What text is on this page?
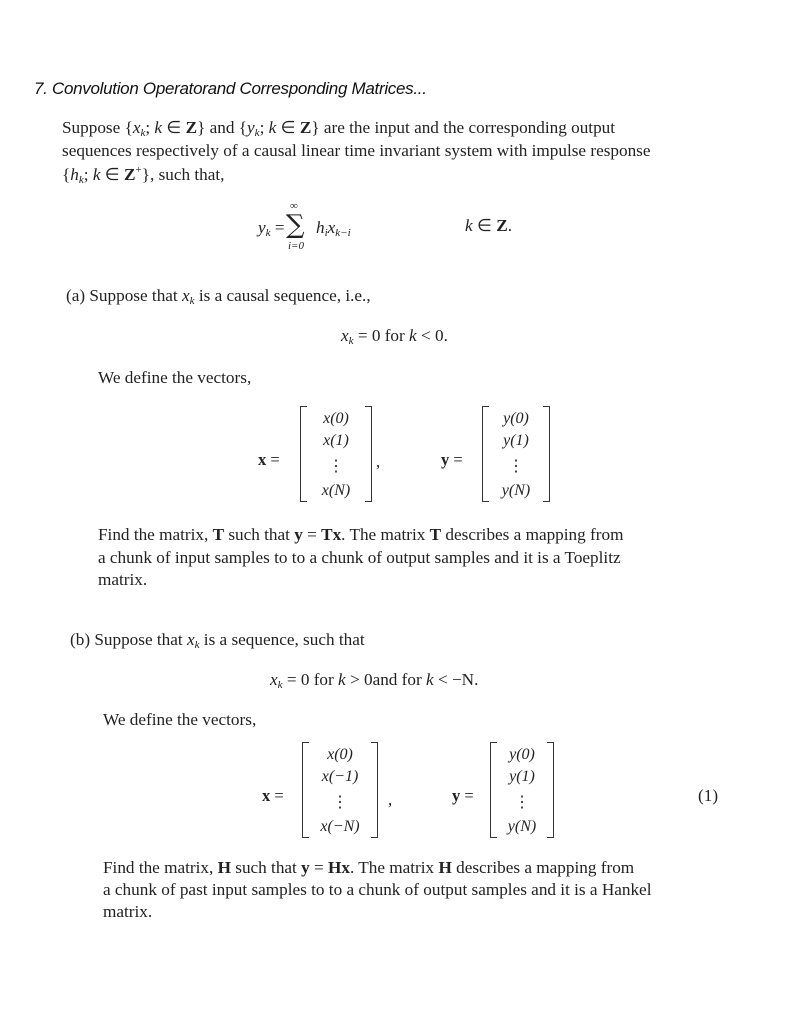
7. Convolution Operatorand Corresponding Matrices...
Suppose {$x_k$; k ∈ Z} and {$y_k$; k ∈ Z} are the input and the corresponding output
sequences respectively of a causal linear time invariant system with impulse response
{$h_k$; k ∈ Z+}, such that,
$y_k$ =
∞
∑
i=0
$h_ix_{k-i}$	k ∈ Z.
(a) Suppose that $x_k$ is a causal sequence, i.e.,
$x_k = 0$ for k < 0.
We define the vectors,
x =
x(0)
x(1)
⋮
x(N)
,	y =
y(0)
y(1)
⋮
y(N)
Find the matrix, T such that y = Tx. The matrix T describes a mapping from
a chunk of input samples to to a chunk of output samples and it is a Toeplitz
matrix.
(b) Suppose that $x_k$ is a sequence, such that
$x_k = 0$ for k > 0and for k < −N.
We define the vectors,
x =
x(0)
x(−1)
⋮
x(−N)
,	y =
y(0)
y(1)
⋮
y(N)
(1)
Find the matrix, H such that y = Hx. The matrix H describes a mapping from
a chunk of past input samples to to a chunk of output samples and it is a Hankel
matrix.
